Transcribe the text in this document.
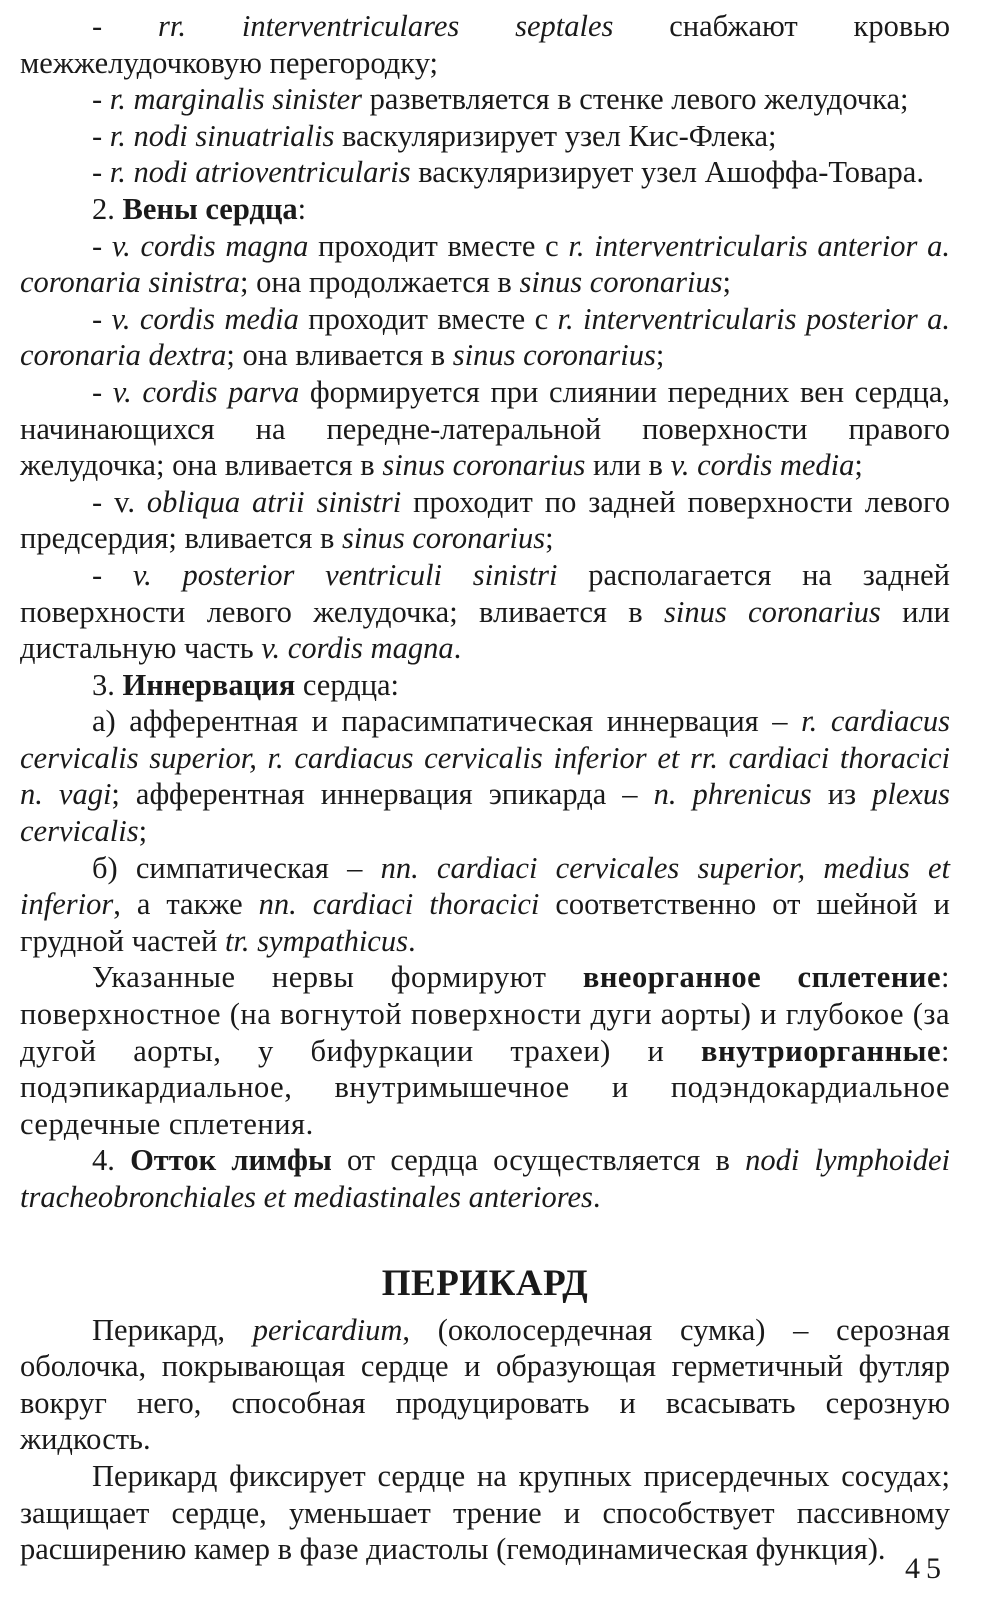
- rr. interventriculares septales снабжают кровью межжелудочковую перегородку;

- r. marginalis sinister разветвляется в стенке левого желудочка;

- r. nodi sinuatrialis васкуляризирует узел Кис-Флека;

- r. nodi atrioventricularis васкуляризирует узел Ашоффа-Товара.

2. Вены сердца:

- v. cordis magna проходит вместе с r. interventricularis anterior a. coronaria sinistra; она продолжается в sinus coronarius;

- v. cordis media проходит вместе с r. interventricularis posterior a. coronaria dextra; она вливается в sinus coronarius;

- v. cordis parva формируется при слиянии передних вен сердца, начинающихся на передне-латеральной поверхности правого желудочка; она вливается в sinus coronarius или в v. cordis media;

- v. obliqua atrii sinistri проходит по задней поверхности левого предсердия; вливается в sinus coronarius;

- v. posterior ventriculi sinistri располагается на задней поверхности левого желудочка; вливается в sinus coronarius или дистальную часть v. cordis magna.

3. Иннервация сердца:

а) афферентная и парасимпатическая иннервация – r. cardiacus cervicalis superior, r. cardiacus cervicalis inferior et rr. cardiaci thoracici n. vagi; афферентная иннервация эпикарда – n. phrenicus из plexus cervicalis;

б) симпатическая – nn. cardiaci cervicales superior, medius et inferior, а также nn. cardiaci thoracici соответственно от шейной и грудной частей tr. sympathicus.

Указанные нервы формируют внеорганное сплетение: поверхностное (на вогнутой поверхности дуги аорты) и глубокое (за дугой аорты, у бифуркации трахеи) и внутриорганные: подэпикардиальное, внутримышечное и подэндокардиальное сердечные сплетения.

4. Отток лимфы от сердца осуществляется в nodi lymphoidei tracheobronchiales et mediastinales anteriores.

ПЕРИКАРД

Перикард, pericardium, (околосердечная сумка) – серозная оболочка, покрывающая сердце и образующая герметичный футляр вокруг него, способная продуцировать и всасывать серозную жидкость.

Перикард фиксирует сердце на крупных присердечных сосудах; защищает сердце, уменьшает трение и способствует пассивному расширению камер в фазе диастолы (гемодинамическая функция).

45
